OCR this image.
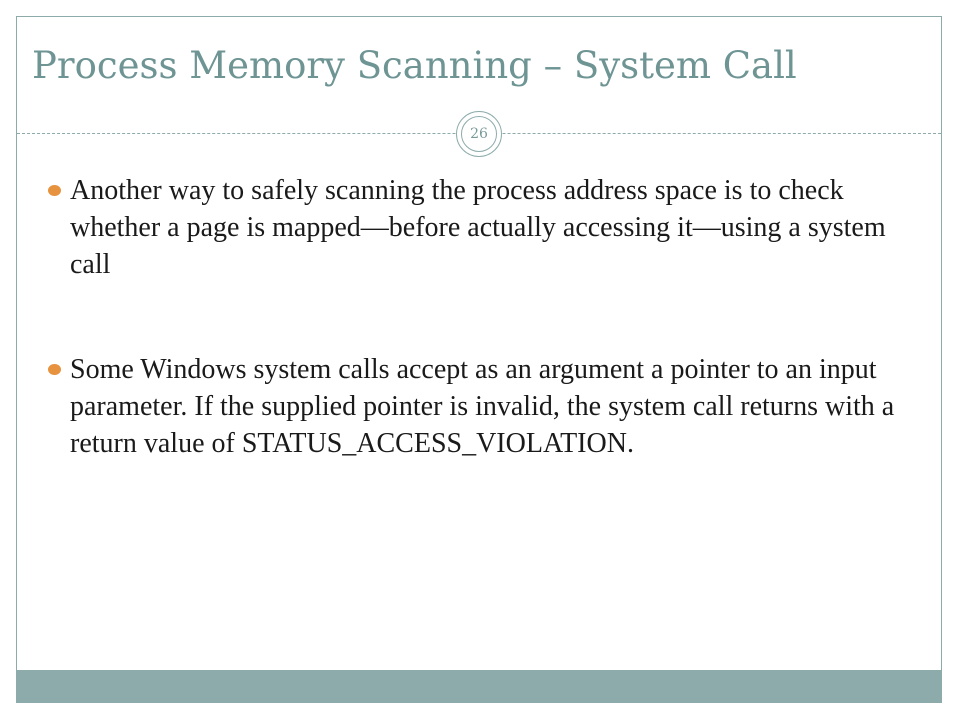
Process Memory Scanning – System Call
26
Another way to safely scanning the process address space is to check whether a page is mapped—before actually accessing it—using a system call
Some Windows system calls accept as an argument a pointer to an input parameter. If the supplied pointer is invalid, the system call returns with a return value of STATUS_ACCESS_VIOLATION.
